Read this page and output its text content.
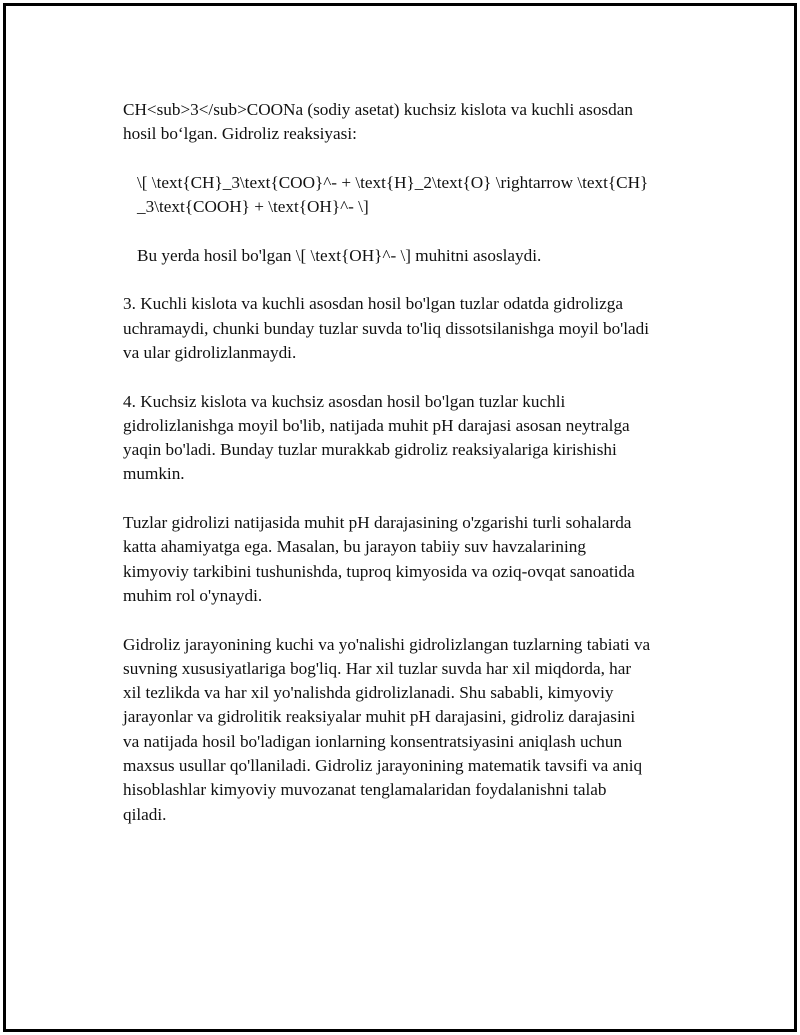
CH<sub>3</sub>COONa (sodiy asetat) kuchsiz kislota va kuchli asosdan
hosil bo‘lgan. Gidroliz reaksiyasi:

\[ \text{CH}_3\text{COO}^- + \text{H}_2\text{O} \rightarrow \text{CH}
_3\text{COOH} + \text{OH}^- \]

Bu yerda hosil bo'lgan \[ \text{OH}^- \] muhitni asoslaydi.

3. Kuchli kislota va kuchli asosdan hosil bo'lgan tuzlar odatda gidrolizga
uchramaydi, chunki bunday tuzlar suvda to'liq dissotsilanishga moyil bo'ladi
va ular gidrolizlanmaydi.

4. Kuchsiz kislota va kuchsiz asosdan hosil bo'lgan tuzlar kuchli
gidrolizlanishga moyil bo'lib, natijada muhit pH darajasi asosan neytralga
yaqin bo'ladi. Bunday tuzlar murakkab gidroliz reaksiyalariga kirishishi
mumkin.

Tuzlar gidrolizi natijasida muhit pH darajasining o'zgarishi turli sohalarda
katta ahamiyatga ega. Masalan, bu jarayon tabiiy suv havzalarining
kimyoviy tarkibini tushunishda, tuproq kimyosida va oziq-ovqat sanoatida
muhim rol o'ynaydi.

Gidroliz jarayonining kuchi va yo'nalishi gidrolizlangan tuzlarning tabiati va
suvning xususiyatlariga bog'liq. Har xil tuzlar suvda har xil miqdorda, har
xil tezlikda va har xil yo'nalishda gidrolizlanadi. Shu sababli, kimyoviy
jarayonlar va gidrolitik reaksiyalar muhit pH darajasini, gidroliz darajasini
va natijada hosil bo'ladigan ionlarning konsentratsiyasini aniqlash uchun
maxsus usullar qo'llaniladi. Gidroliz jarayonining matematik tavsifi va aniq
hisoblashlar kimyoviy muvozanat tenglamalaridan foydalanishni talab
qiladi.
